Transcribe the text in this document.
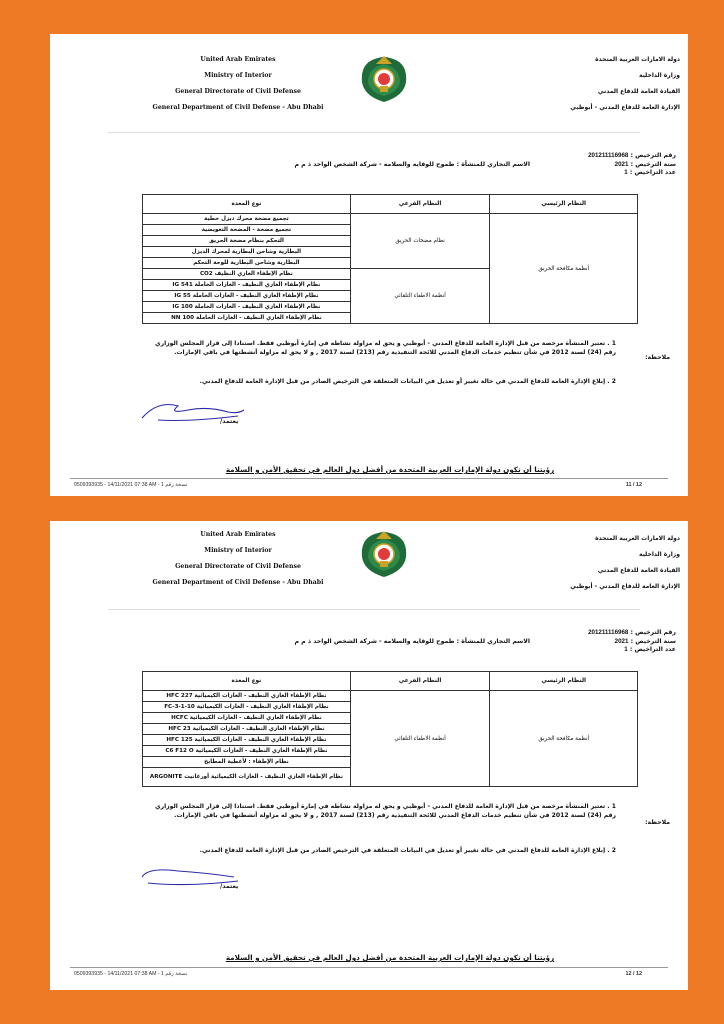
United Arab Emirates
Ministry of Interior
General Directorate of Civil Defense
General Department of Civil Defense - Abu Dhabi
دولة الامارات العربية المتحدة
وزارة الداخلية
القيادة العامة للدفاع المدني
الإدارة العامة للدفاع المدني - أبوظبي
رقم الترخيص : 201211116968
سنة الترخيص : 2021
عدد التراخيص : 1
الاسم التجاري للمنشأة : طموح للوقايه والسلامه - شركة الشخص الواحد ذ م م
النظام الرئيسي	النظام الفرعي	نوع المعدة
أنظمة مكافحة الحريق	نظام مضخات الحريق	تجميع مضخة محرك ديزل خطية
		تجميع مضخة - المضخة التعويضية
		التحكم بنظام مضخة الحريق
		البطارية وشاحن البطارية لمحرك الديزل
		البطارية وشاحن البطارية للوحة التحكم
	أنظمة الاطفاء التلقائي	نظام الإطفاء الغازي النظيف CO2
		نظام الإطفاء الغازي النظيف - الغازات الخاملة IG 541
		نظام الإطفاء الغازي النظيف - الغازات الخاملة IG 55
		نظام الإطفاء الغازي النظيف - الغازات الخاملة IG 100
		نظام الإطفاء الغازي النظيف - الغازات الخاملة NN 100
1 . تعتبر المنشأة مرخصة من قبل الإدارة العامة للدفاع المدني - أبوظبي و يحق له مزاولة نشاطه في إمارة أبوظبي فقط. استنادا إلى قرار المجلس الوزاري رقم (24) لسنة 2012 في شأن تنظيم خدمات الدفاع المدني للائحة التنفيذية رقم (213) لسنة 2017 , و لا يحق له مزاولة أنشطتها في باقي الإمارات.
ملاحظة:
2 . إبلاغ الإدارة العامة للدفاع المدني في حالة تغيير أو تعديل في البيانات المتعلقة في الترخيص الصادر من قبل الإدارة العامة للدفاع المدني.
يعتمد/
رؤيتنا أن تكون دولة الإمارات العربية المتحدة من أفضل دول العالم في تحقيق الأمن و السلامة
0509393935 - 14/11/2021 07:38 AM - 1 نسخة رقم	11 / 12
United Arab Emirates
Ministry of Interior
General Directorate of Civil Defense
General Department of Civil Defense - Abu Dhabi
دولة الامارات العربية المتحدة
وزارة الداخلية
القيادة العامة للدفاع المدني
الإدارة العامة للدفاع المدني - أبوظبي
رقم الترخيص : 201211116968
سنة الترخيص : 2021
عدد التراخيص : 1
الاسم التجاري للمنشأة : طموح للوقايه والسلامه - شركة الشخص الواحد ذ م م
النظام الرئيسي	النظام الفرعي	نوع المعدة
أنظمة مكافحة الحريق	أنظمة الاطفاء التلقائي	نظام الإطفاء الغازي النظيف - الغازات الكيميائية HFC 227
		نظام الإطفاء الغازي النظيف - الغازات الكيميائية FC-3-1-10
		نظام الإطفاء الغازي النظيف - الغازات الكيميائية HCFC
		نظام الإطفاء الغازي النظيف - الغازات الكيميائية HFC 23
		نظام الإطفاء الغازي النظيف - الغازات الكيميائية HFC 125
		نظام الإطفاء الغازي النظيف - الغازات الكيميائية C6 F12 O
		نظام الإطفاء : لأغطية المطابخ
		نظام الإطفاء الغازي النظيف - الغازات الكيميائية أورغانيت ARGONITE
1 . تعتبر المنشأة مرخصة من قبل الإدارة العامة للدفاع المدني - أبوظبي و يحق له مزاولة نشاطه في إمارة أبوظبي فقط. استنادا إلى قرار المجلس الوزاري رقم (24) لسنة 2012 في شأن تنظيم خدمات الدفاع المدني للائحة التنفيذية رقم (213) لسنة 2017 , و لا يحق له مزاولة أنشطتها في باقي الإمارات.
ملاحظة:
2 . إبلاغ الإدارة العامة للدفاع المدني في حالة تغيير أو تعديل في البيانات المتعلقة في الترخيص الصادر من قبل الإدارة العامة للدفاع المدني.
يعتمد/
رؤيتنا أن تكون دولة الإمارات العربية المتحدة من أفضل دول العالم في تحقيق الأمن و السلامة
0509393935 - 14/11/2021 07:38 AM - 1 نسخة رقم	12 / 12
